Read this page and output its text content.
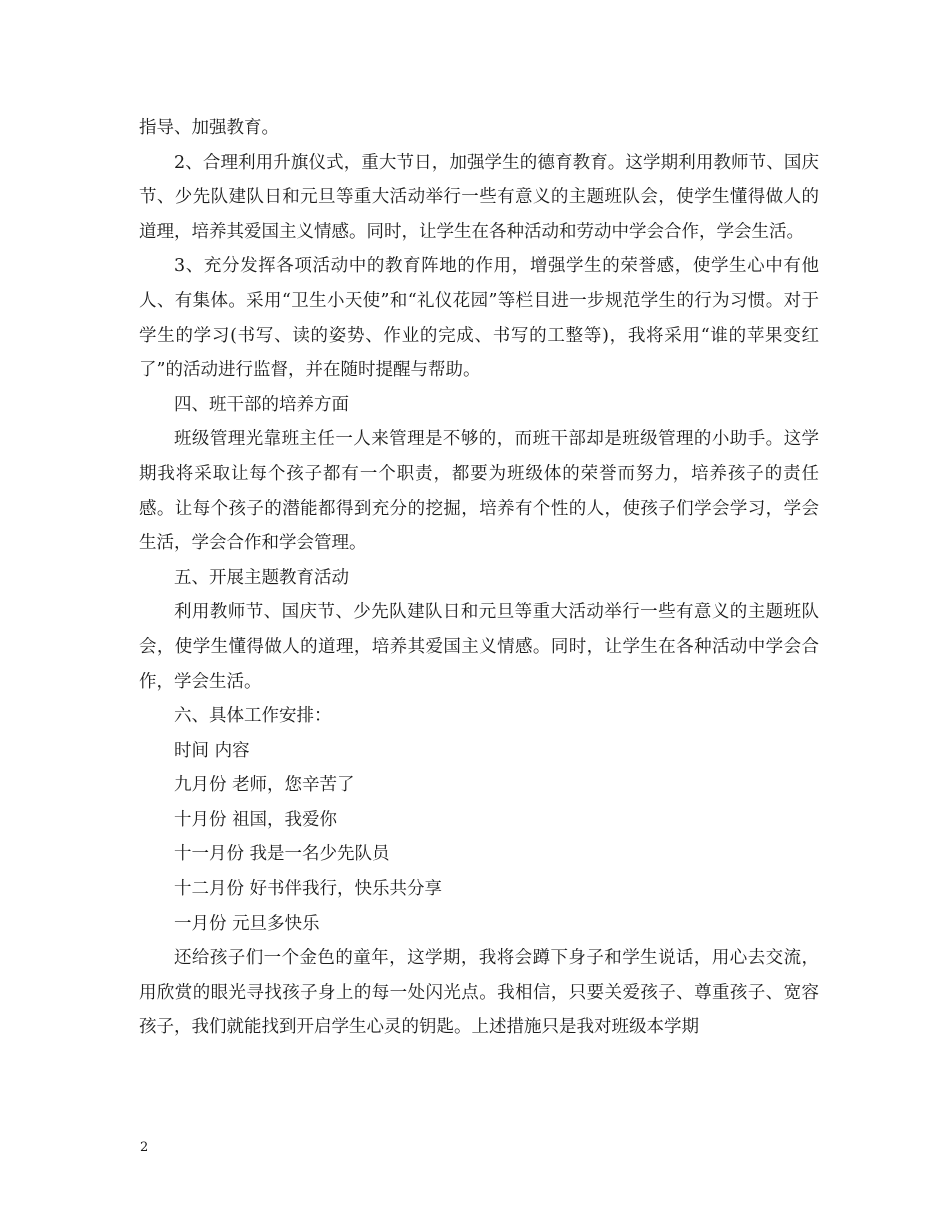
指导、加强教育。

2、合理利用升旗仪式，重大节日，加强学生的德育教育。这学期利用教师节、国庆节、少先队建队日和元旦等重大活动举行一些有意义的主题班队会，使学生懂得做人的道理，培养其爱国主义情感。同时，让学生在各种活动和劳动中学会合作，学会生活。

3、充分发挥各项活动中的教育阵地的作用，增强学生的荣誉感，使学生心中有他人、有集体。采用“卫生小天使”和“礼仪花园”等栏目进一步规范学生的行为习惯。对于学生的学习(书写、读的姿势、作业的完成、书写的工整等)，我将采用“谁的苹果变红了”的活动进行监督，并在随时提醒与帮助。

四、班干部的培养方面

班级管理光靠班主任一人来管理是不够的，而班干部却是班级管理的小助手。这学期我将采取让每个孩子都有一个职责，都要为班级体的荣誉而努力，培养孩子的责任感。让每个孩子的潜能都得到充分的挖掘，培养有个性的人，使孩子们学会学习，学会生活，学会合作和学会管理。

五、开展主题教育活动

利用教师节、国庆节、少先队建队日和元旦等重大活动举行一些有意义的主题班队会，使学生懂得做人的道理，培养其爱国主义情感。同时，让学生在各种活动中学会合作，学会生活。

六、具体工作安排：

时间 内容

九月份 老师，您辛苦了

十月份 祖国，我爱你

十一月份 我是一名少先队员

十二月份 好书伴我行，快乐共分享

一月份 元旦多快乐

还给孩子们一个金色的童年，这学期，我将会蹲下身子和学生说话，用心去交流，用欣赏的眼光寻找孩子身上的每一处闪光点。我相信，只要关爱孩子、尊重孩子、宽容孩子，我们就能找到开启学生心灵的钥匙。上述措施只是我对班级本学期

2
